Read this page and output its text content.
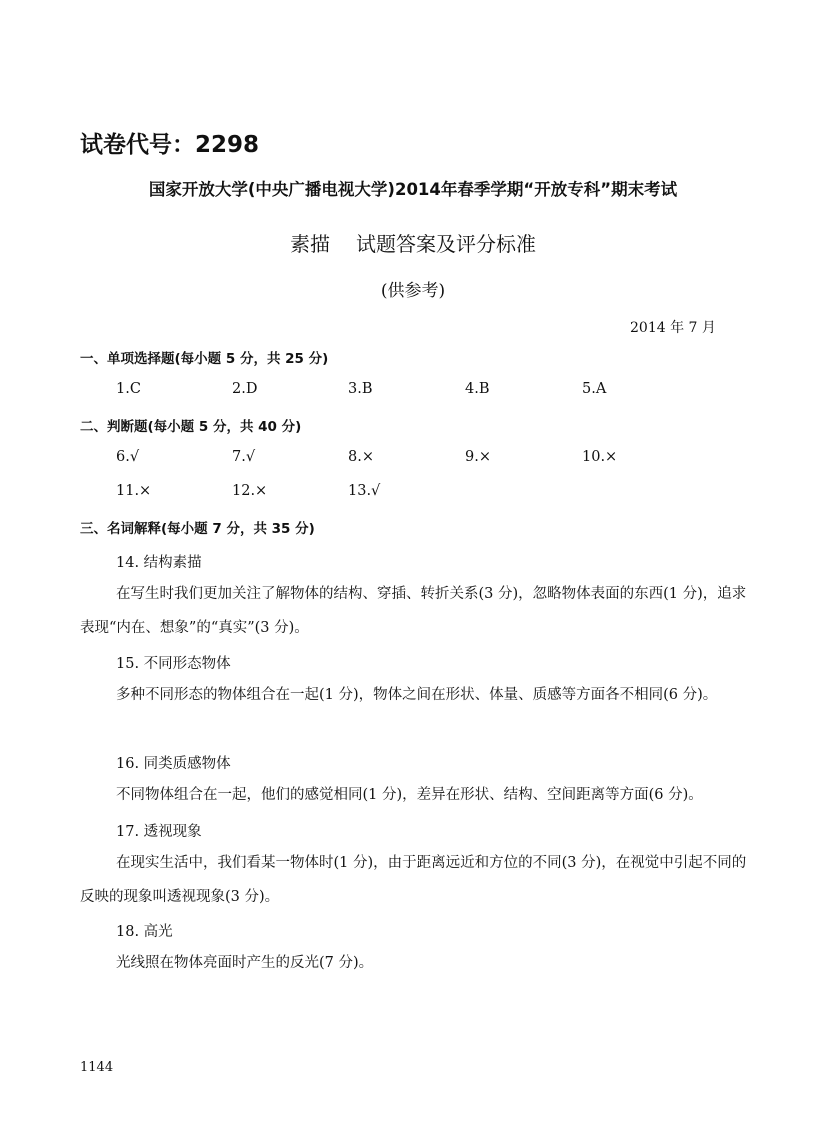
试卷代号：2298
国家开放大学(中央广播电视大学)2014年春季学期“开放专科”期末考试
素描 试题答案及评分标准
(供参考)
2014 年 7 月
一、单项选择题(每小题 5 分，共 25 分)
1.C	2.D	3.B	4.B	5.A
二、判断题(每小题 5 分，共 40 分)
6.√	7.√	8.×	9.×	10.×
11.×	12.×	13.√
三、名词解释(每小题 7 分，共 35 分)
14. 结构素描
在写生时我们更加关注了解物体的结构、穿插、转折关系(3 分)，忽略物体表面的东西(1 分)，追求表现“内在、想象”的“真实”(3 分)。
15. 不同形态物体
多种不同形态的物体组合在一起(1 分)，物体之间在形状、体量、质感等方面各不相同(6 分)。
16. 同类质感物体
不同物体组合在一起，他们的感觉相同(1 分)，差异在形状、结构、空间距离等方面(6 分)。
17. 透视现象
在现实生活中，我们看某一物体时(1 分)，由于距离远近和方位的不同(3 分)，在视觉中引起不同的反映的现象叫透视现象(3 分)。
18. 高光
光线照在物体亮面时产生的反光(7 分)。
1144
